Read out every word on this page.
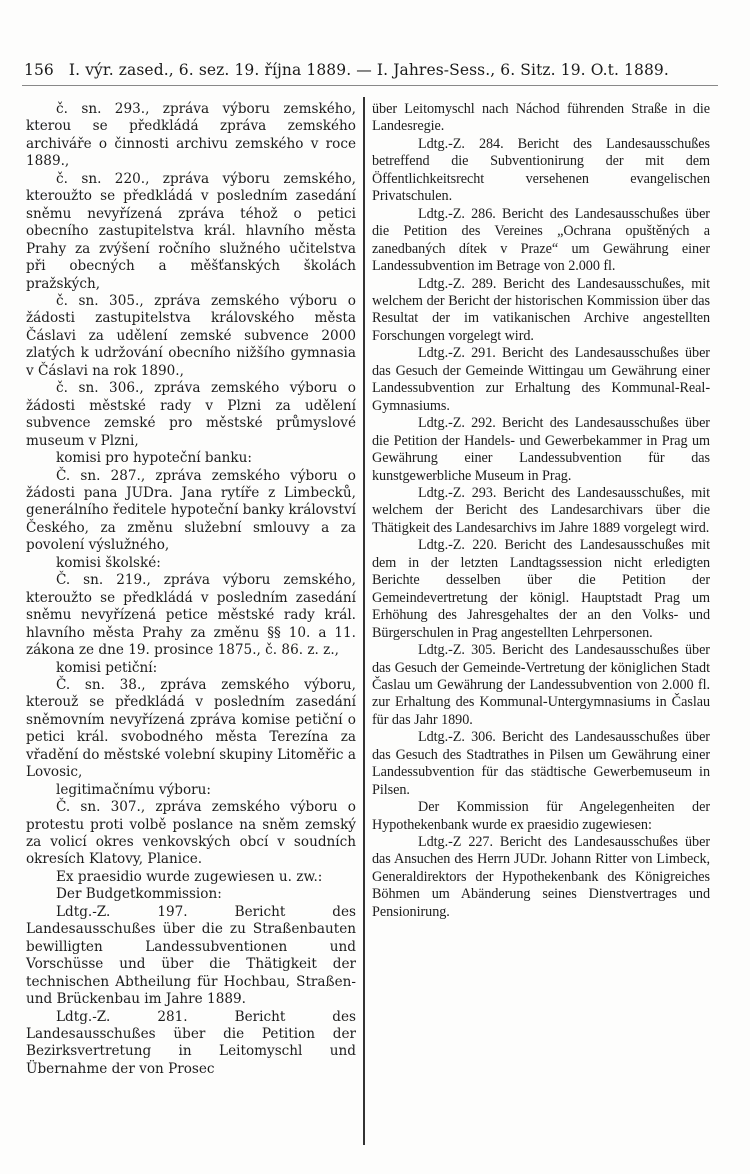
156 I. výr. zased., 6. sez. 19. října 1889. — I. Jahres-Sess., 6. Sitz. 19. O.t. 1889.

č. sn. 293., zpráva výboru zemského, kterou se předkládá zpráva zemského archiváře o činnosti archivu zemského v roce 1889.,

č. sn. 220., zpráva výboru zemského, kteroužto se předkládá v posledním zasedání sněmu nevyřízená zpráva téhož o petici obecního zastupitelstva král. hlavního města Prahy za zvýšení ročního služného učitelstva při obecných a měšťanských školách pražských,

č. sn. 305., zpráva zemského výboru o žádosti zastupitelstva královského města Čáslavi za udělení zemské subvence 2000 zlatých k udržování obecního nižšího gymnasia v Čáslavi na rok 1890.,

č. sn. 306., zpráva zemského výboru o žádosti městské rady v Plzni za udělení subvence zemské pro městské průmyslové museum v Plzni,

komisi pro hypoteční banku:

Č. sn. 287., zpráva zemského výboru o žádosti pana JUDra. Jana rytíře z Limbecků, generálního ředitele hypoteční banky království Českého, za změnu služební smlouvy a za povolení výslužného,

komisi školské:

Č. sn. 219., zpráva výboru zemského, kteroužto se předkládá v posledním zasedání sněmu nevyřízená petice městské rady král. hlavního města Prahy za změnu §§ 10. a 11. zákona ze dne 19. prosince 1875., č. 86. z. z.,

komisi petiční:

Č. sn. 38., zpráva zemského výboru, kterouž se předkládá v posledním zasedání sněmovním nevyřízená zpráva komise petiční o petici král. svobodného města Terezína za vřadění do městské volební skupiny Litoměřic a Lovosic,

legitimačnímu výboru:

Č. sn. 307., zpráva zemského výboru o protestu proti volbě poslance na sněm zemský za volicí okres venkovských obcí v soudních okresích Klatovy, Planice.

Ex praesidio wurde zugewiesen u. zw.:

Der Budgetkommission:

Ldtg.-Z. 197. Bericht des Landesausschußes über die zu Straßenbauten bewilligten Landessubventionen und Vorschüsse und über die Thätigkeit der technischen Abtheilung für Hochbau, Straßen- und Brückenbau im Jahre 1889.

Ldtg.-Z. 281. Bericht des Landesausschußes über die Petition der Bezirksvertretung in Leitomyschl und Übernahme der von Prosec

über Leitomyschl nach Náchod führenden Straße in die Landesregie.

Ldtg.-Z. 284. Bericht des Landesausschußes betreffend die Subventionirung der mit dem Öffentlichkeitsrecht versehenen evangelischen Privatschulen.

Ldtg.-Z. 286. Bericht des Landesausschußes über die Petition des Vereines „Ochrana opuštěných a zanedbaných dítek v Praze“ um Gewährung einer Landessubvention im Betrage von 2.000 fl.

Ldtg.-Z. 289. Bericht des Landesausschußes, mit welchem der Bericht der historischen Kommission über das Resultat der im vatikanischen Archive angestellten Forschungen vorgelegt wird.

Ldtg.-Z. 291. Bericht des Landesausschußes über das Gesuch der Gemeinde Wittingau um Gewährung einer Landessubvention zur Erhaltung des Kommunal-Real-Gymnasiums.

Ldtg.-Z. 292. Bericht des Landesausschußes über die Petition der Handels- und Gewerbekammer in Prag um Gewährung einer Landessubvention für das kunstgewerbliche Museum in Prag.

Ldtg.-Z. 293. Bericht des Landesausschußes, mit welchem der Bericht des Landesarchivars über die Thätigkeit des Landesarchivs im Jahre 1889 vorgelegt wird.

Ldtg.-Z. 220. Bericht des Landesausschußes mit dem in der letzten Landtagssession nicht erledigten Berichte desselben über die Petition der Gemeindevertretung der königl. Hauptstadt Prag um Erhöhung des Jahresgehaltes der an den Volks- und Bürgerschulen in Prag angestellten Lehrpersonen.

Ldtg.-Z. 305. Bericht des Landesausschußes über das Gesuch der Gemeinde-Vertretung der königlichen Stadt Časlau um Gewährung der Landessubvention von 2.000 fl. zur Erhaltung des Kommunal-Untergymnasiums in Časlau für das Jahr 1890.

Ldtg.-Z. 306. Bericht des Landesausschußes über das Gesuch des Stadtrathes in Pilsen um Gewährung einer Landessubvention für das städtische Gewerbemuseum in Pilsen.

Der Kommission für Angelegenheiten der Hypothekenbank wurde ex praesidio zugewiesen:

Ldtg.-Z 227. Bericht des Landesausschußes über das Ansuchen des Herrn JUDr. Johann Ritter von Limbeck, Generaldirektors der Hypothekenbank des Königreiches Böhmen um Abänderung seines Dienstvertrages und Pensionirung.
